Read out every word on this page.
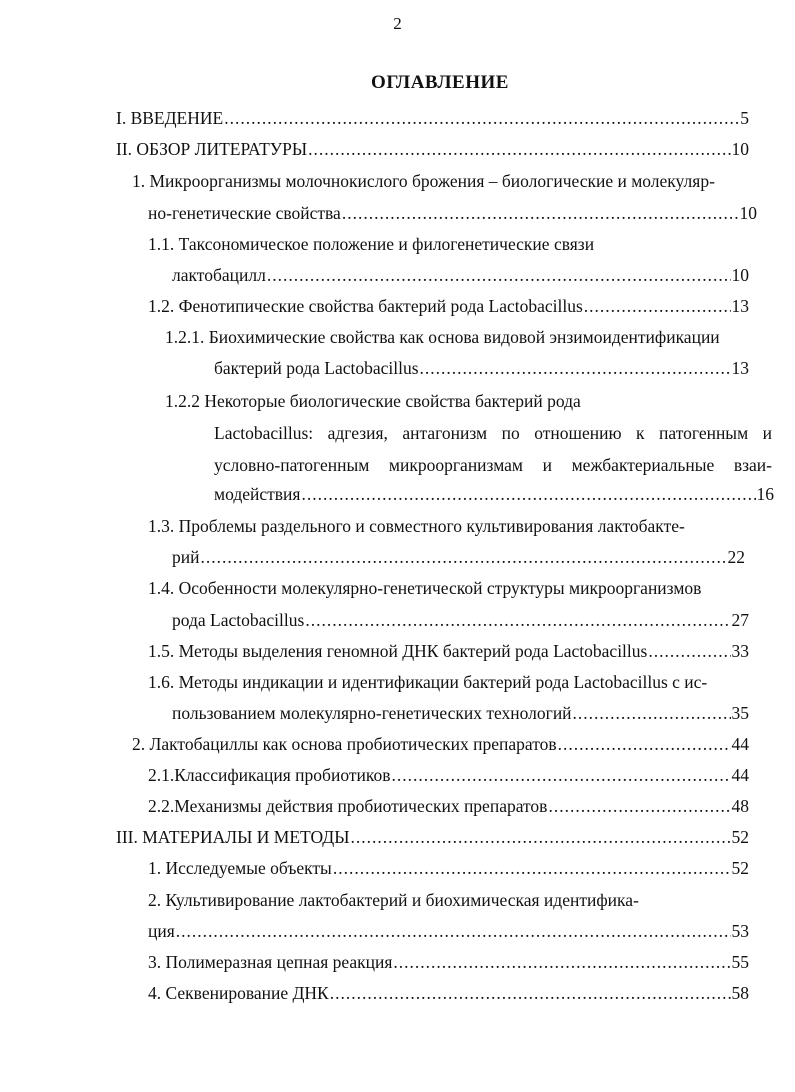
2
ОГЛАВЛЕНИЕ
I. ВВЕДЕНИЕ .....	5
II. ОБЗОР ЛИТЕРАТУРЫ .....	10
1. Микроорганизмы молочнокислого брожения – биологические и молекуляр-
но-генетические свойства .....	10
1.1. Таксономическое положение и филогенетические связи
лактобацилл .....	10
1.2. Фенотипические свойства бактерий рода Lactobacillus .....	13
1.2.1. Биохимические свойства как основа видовой энзимоидентификации
бактерий рода Lactobacillus .....	13
1.2.2 Некоторые биологические свойства бактерий рода
Lactobacillus: адгезия, антагонизм по отношению к патогенным и
условно-патогенным микроорганизмам и межбактериальные взаи-
модействия .....	16
1.3. Проблемы раздельного и совместного культивирования лактобакте-
рий .....	22
1.4. Особенности молекулярно-генетической структуры микроорганизмов
рода Lactobacillus .....	27
1.5. Методы выделения геномной ДНК бактерий рода Lactobacillus .....	33
1.6. Методы индикации и идентификации бактерий рода Lactobacillus с ис-
пользованием молекулярно-генетических технологий .....	35
2. Лактобациллы как основа пробиотических препаратов .....	44
2.1.Классификация пробиотиков .....	44
2.2.Механизмы действия пробиотических препаратов .....	48
III. МАТЕРИАЛЫ И МЕТОДЫ .....	52
1. Исследуемые объекты .....	52
2. Культивирование лактобактерий и биохимическая идентифика-
ция .....	53
3. Полимеразная цепная реакция .....	55
4. Секвенирование ДНК .....	58
